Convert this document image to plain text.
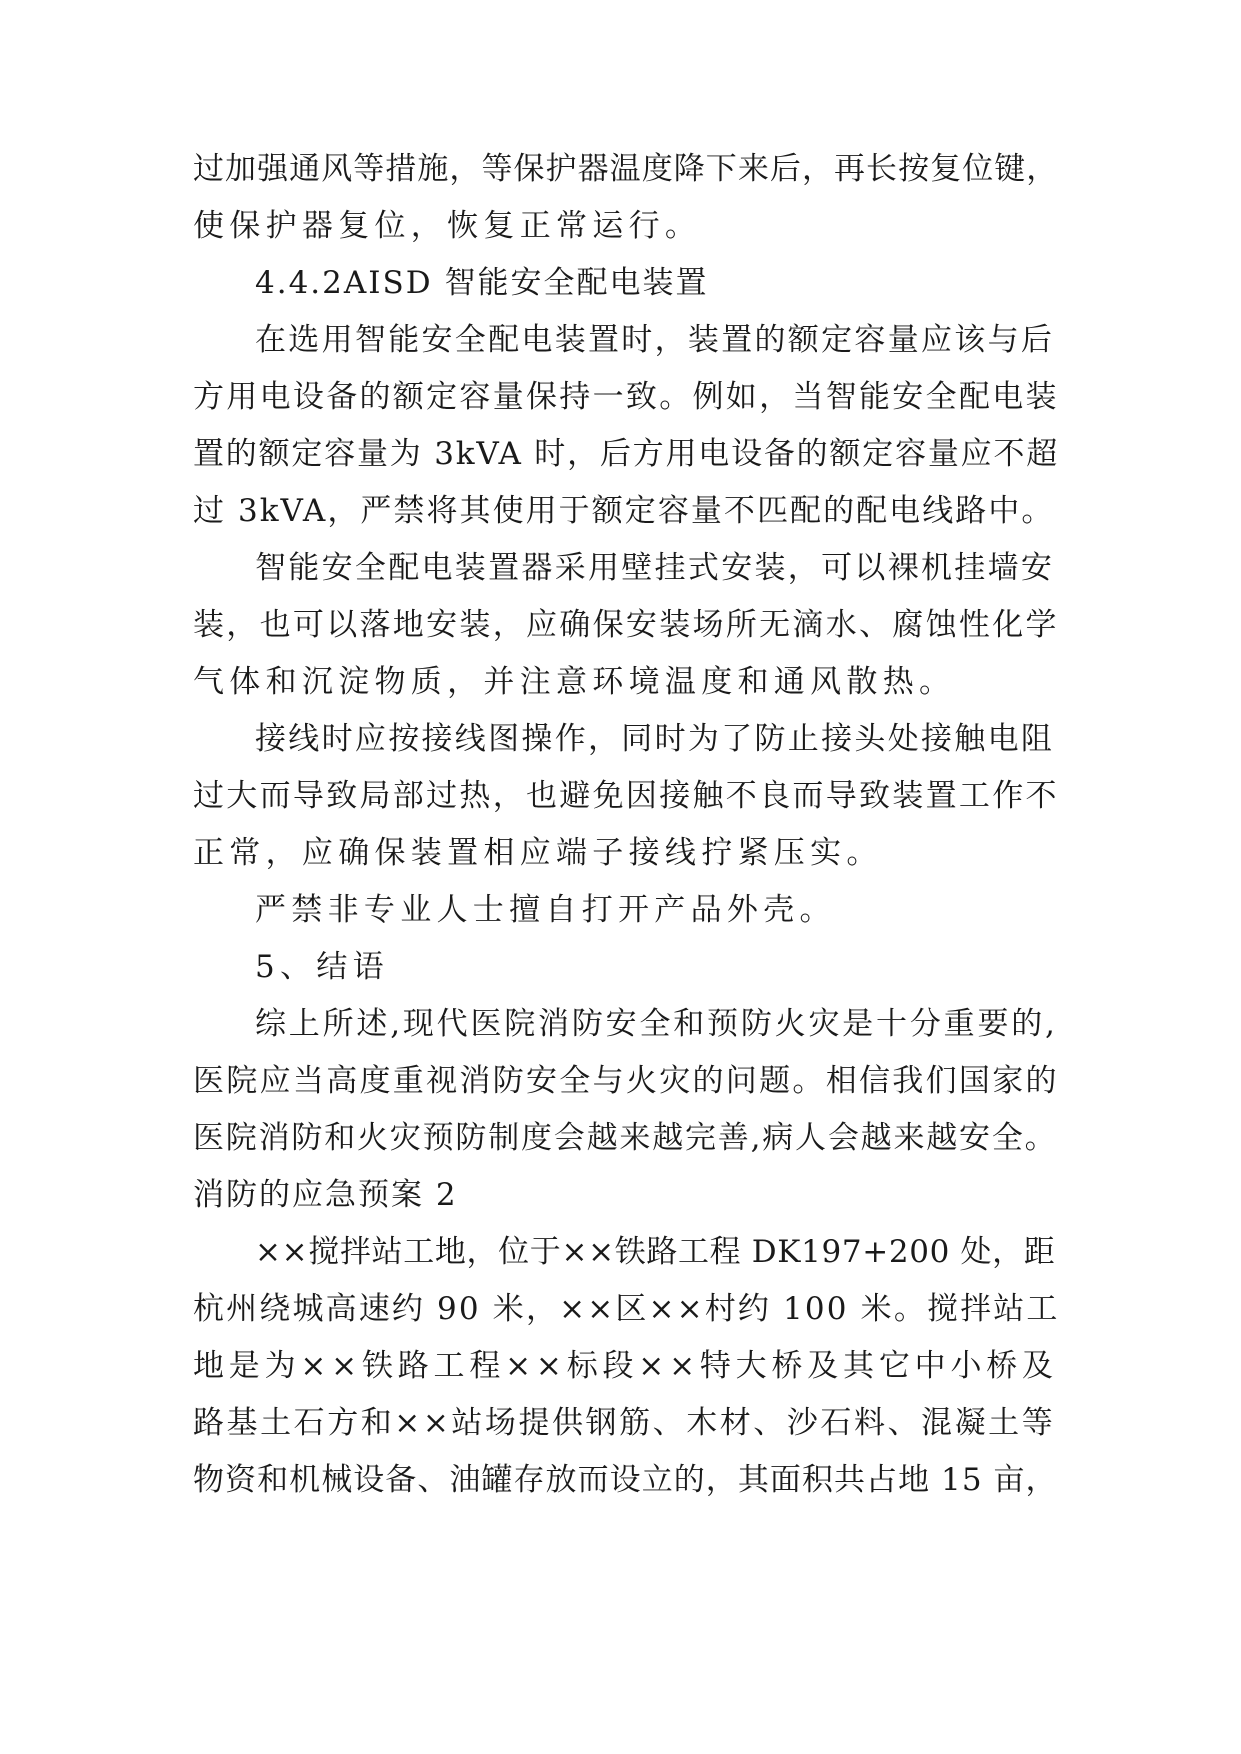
过加强通风等措施，等保护器温度降下来后，再长按复位键，
使保护器复位，恢复正常运行。
4.4.2AISD 智能安全配电装置
在选用智能安全配电装置时，装置的额定容量应该与后
方用电设备的额定容量保持一致。例如，当智能安全配电装
置的额定容量为 3kVA 时，后方用电设备的额定容量应不超
过 3kVA，严禁将其使用于额定容量不匹配的配电线路中。
智能安全配电装置器采用壁挂式安装，可以裸机挂墙安
装，也可以落地安装，应确保安装场所无滴水、腐蚀性化学
气体和沉淀物质，并注意环境温度和通风散热。
接线时应按接线图操作，同时为了防止接头处接触电阻
过大而导致局部过热，也避免因接触不良而导致装置工作不
正常，应确保装置相应端子接线拧紧压实。
严禁非专业人士擅自打开产品外壳。
5、结语
综上所述,现代医院消防安全和预防火灾是十分重要的,
医院应当高度重视消防安全与火灾的问题。相信我们国家的
医院消防和火灾预防制度会越来越完善,病人会越来越安全。
消防的应急预案 2
××搅拌站工地，位于××铁路工程 DK197+200 处，距
杭州绕城高速约 90 米，××区××村约 100 米。搅拌站工
地是为××铁路工程××标段××特大桥及其它中小桥及
路基土石方和××站场提供钢筋、木材、沙石料、混凝土等
物资和机械设备、油罐存放而设立的，其面积共占地 15 亩，
